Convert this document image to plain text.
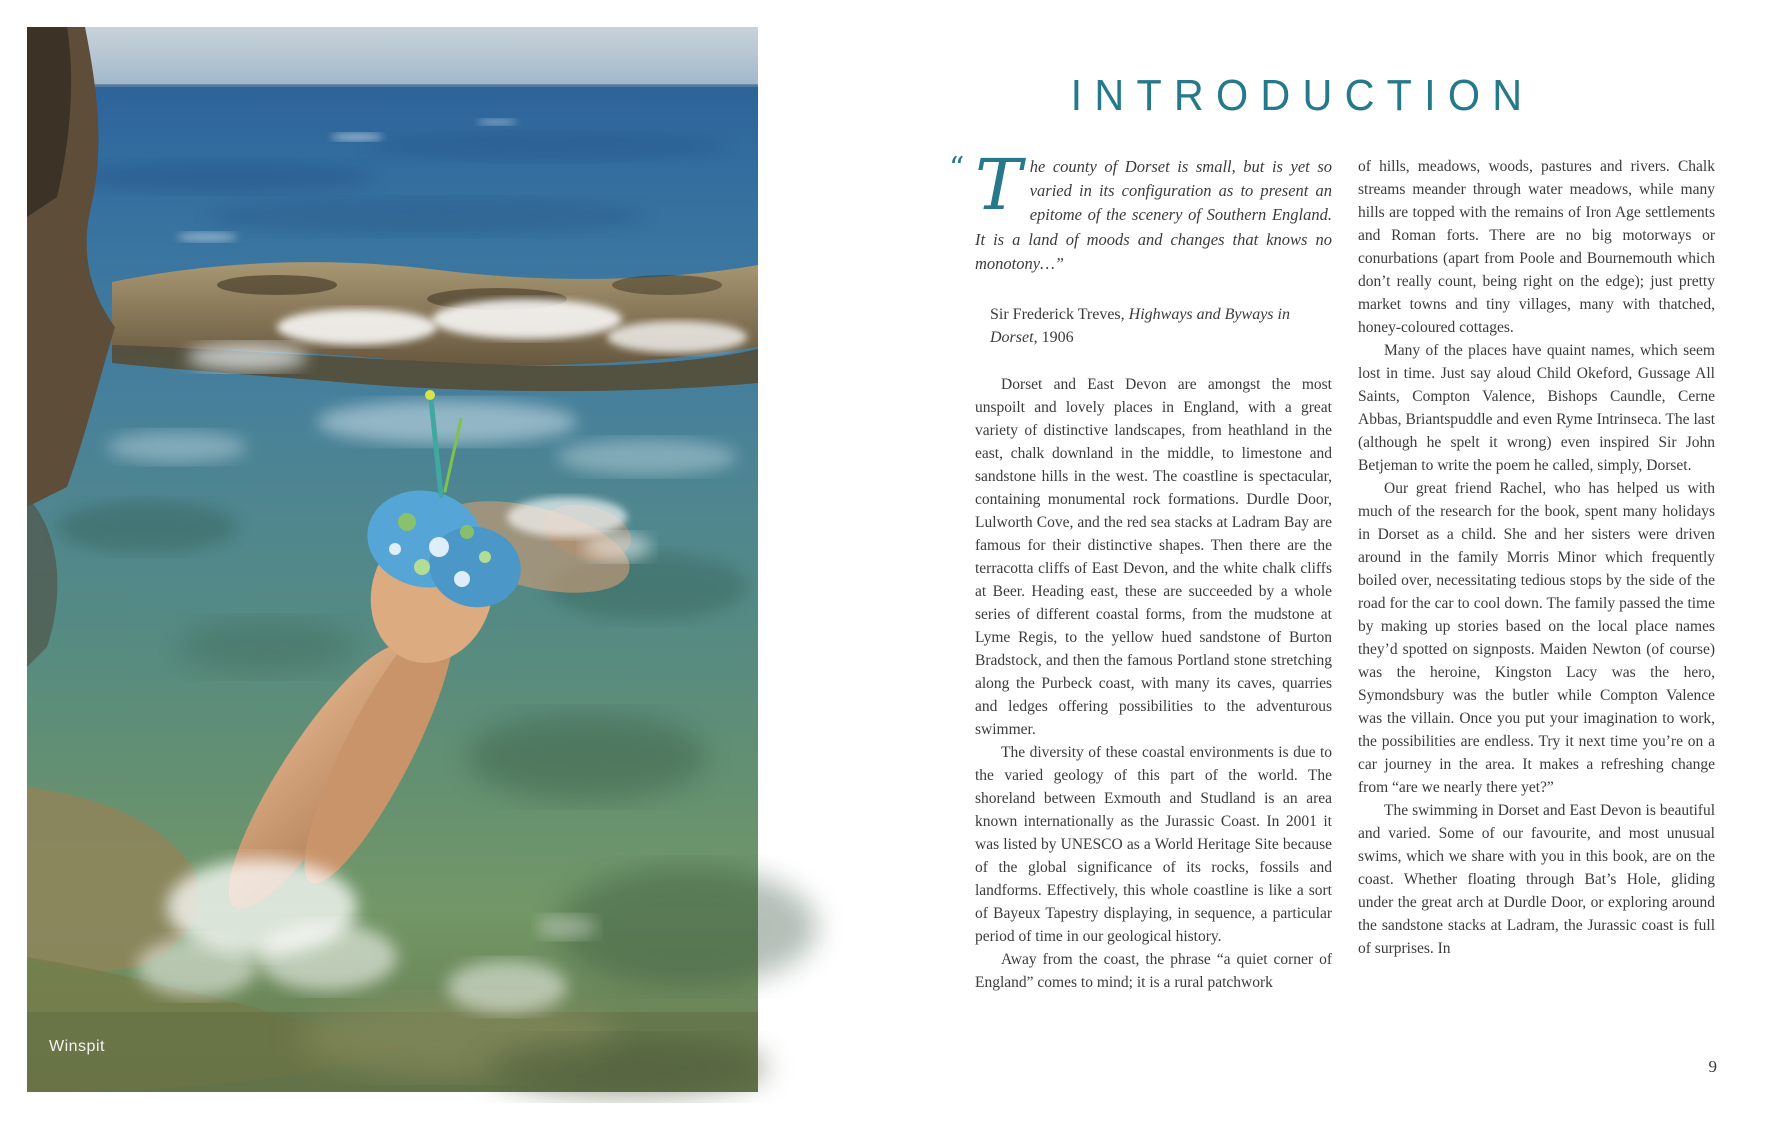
Winspit
INTRODUCTION
“ T he county of Dorset is small, but is yet so varied in its configuration as to present an epitome of the scenery of Southern England. It is a land of moods and changes that knows no monotony…”
Sir Frederick Treves, Highways and Byways in Dorset, 1906

Dorset and East Devon are amongst the most unspoilt and lovely places in England, with a great variety of distinctive landscapes, from heathland in the east, chalk downland in the middle, to limestone and sandstone hills in the west. The coastline is spectacular, containing monumental rock formations. Durdle Door, Lulworth Cove, and the red sea stacks at Ladram Bay are famous for their distinctive shapes. Then there are the terracotta cliffs of East Devon, and the white chalk cliffs at Beer. Heading east, these are succeeded by a whole series of different coastal forms, from the mudstone at Lyme Regis, to the yellow hued sandstone of Burton Bradstock, and then the famous Portland stone stretching along the Purbeck coast, with many its caves, quarries and ledges offering possibilities to the adventurous swimmer.

The diversity of these coastal environments is due to the varied geology of this part of the world. The shoreland between Exmouth and Studland is an area known internationally as the Jurassic Coast. In 2001 it was listed by UNESCO as a World Heritage Site because of the global significance of its rocks, fossils and landforms. Effectively, this whole coastline is like a sort of Bayeux Tapestry displaying, in sequence, a particular period of time in our geological history.

Away from the coast, the phrase “a quiet corner of England” comes to mind; it is a rural patchwork

of hills, meadows, woods, pastures and rivers. Chalk streams meander through water meadows, while many hills are topped with the remains of Iron Age settlements and Roman forts. There are no big motorways or conurbations (apart from Poole and Bournemouth which don’t really count, being right on the edge); just pretty market towns and tiny villages, many with thatched, honey-coloured cottages.

Many of the places have quaint names, which seem lost in time. Just say aloud Child Okeford, Gussage All Saints, Compton Valence, Bishops Caundle, Cerne Abbas, Briantspuddle and even Ryme Intrinseca. The last (although he spelt it wrong) even inspired Sir John Betjeman to write the poem he called, simply, Dorset.

Our great friend Rachel, who has helped us with much of the research for the book, spent many holidays in Dorset as a child. She and her sisters were driven around in the family Morris Minor which frequently boiled over, necessitating tedious stops by the side of the road for the car to cool down. The family passed the time by making up stories based on the local place names they’d spotted on signposts. Maiden Newton (of course) was the heroine, Kingston Lacy was the hero, Symondsbury was the butler while Compton Valence was the villain. Once you put your imagination to work, the possibilities are endless. Try it next time you’re on a car journey in the area. It makes a refreshing change from “are we nearly there yet?”

The swimming in Dorset and East Devon is beautiful and varied. Some of our favourite, and most unusual swims, which we share with you in this book, are on the coast. Whether floating through Bat’s Hole, gliding under the great arch at Durdle Door, or exploring around the sandstone stacks at Ladram, the Jurassic coast is full of surprises. In

9
